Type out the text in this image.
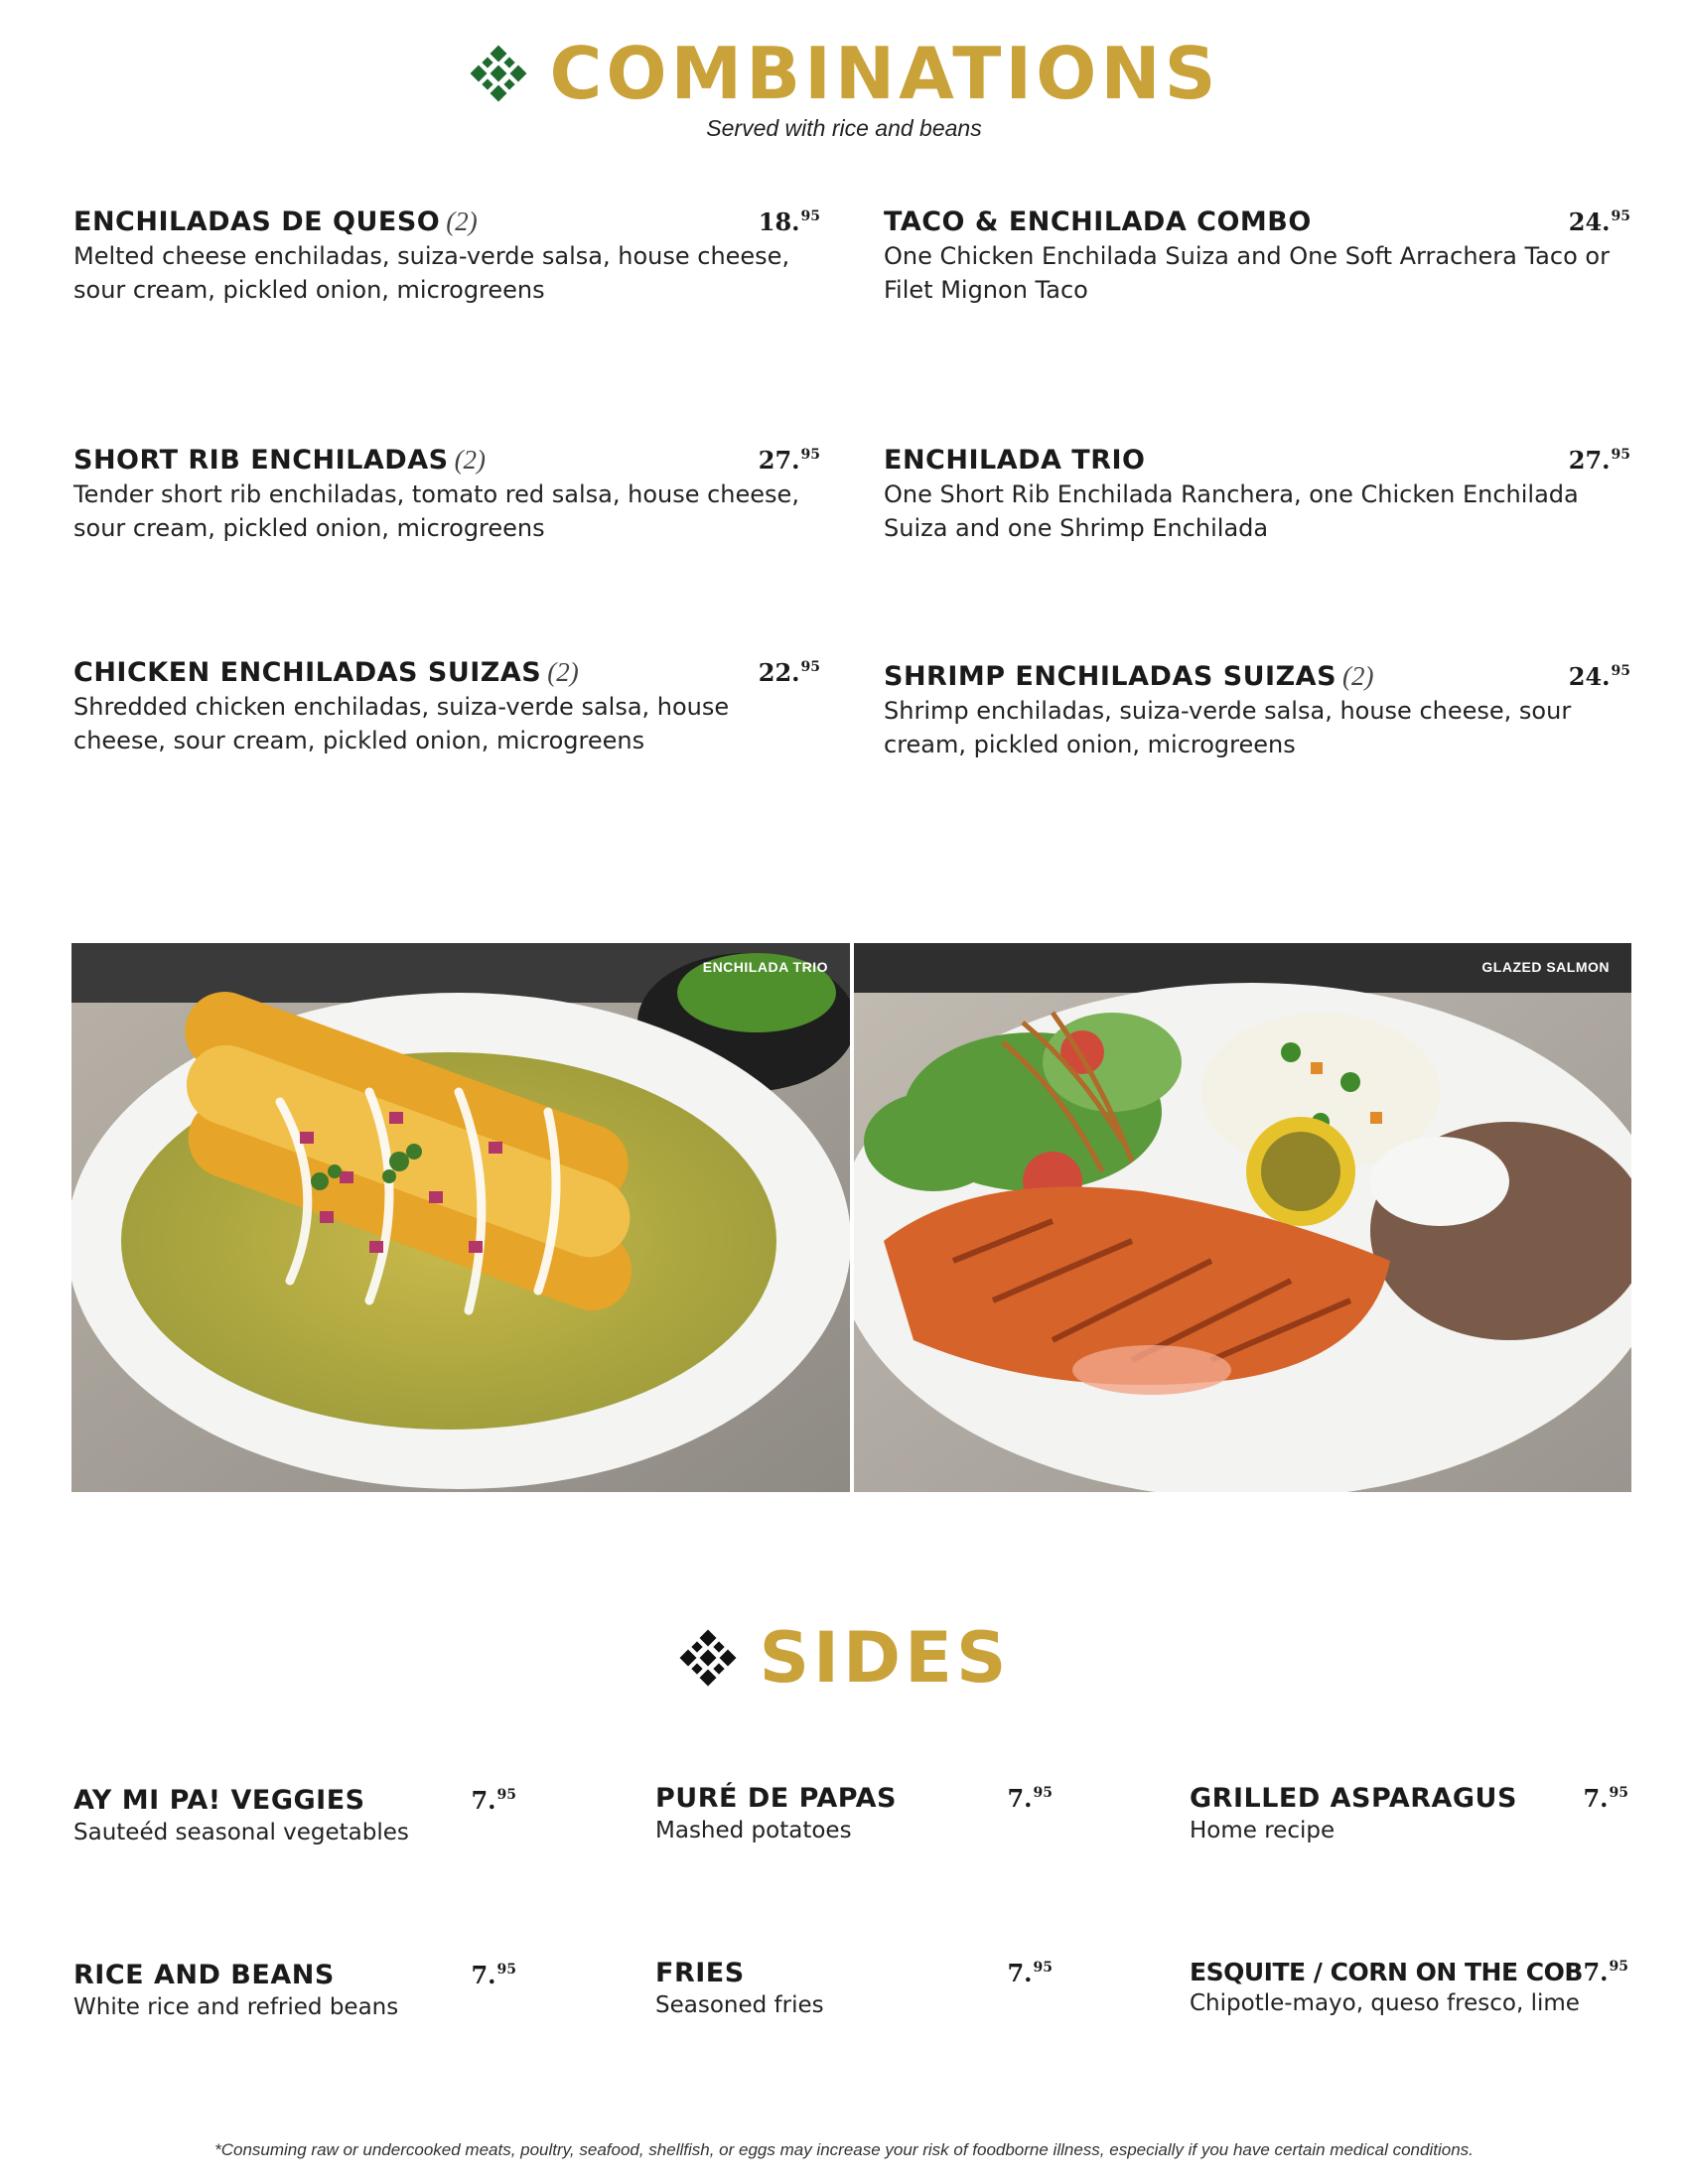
COMBINATIONS
Served with rice and beans
ENCHILADAS DE QUESO (2)	18.95
Melted cheese enchiladas, suiza-verde salsa, house cheese, sour cream, pickled onion, microgreens
TACO & ENCHILADA COMBO	24.95
One Chicken Enchilada Suiza and One Soft Arrachera Taco or Filet Mignon Taco
SHORT RIB ENCHILADAS (2)	27.95
Tender short rib enchiladas, tomato red salsa, house cheese, sour cream, pickled onion, microgreens
ENCHILADA TRIO	27.95
One Short Rib Enchilada Ranchera, one Chicken Enchilada Suiza and one Shrimp Enchilada
CHICKEN ENCHILADAS SUIZAS (2)	22.95
Shredded chicken enchiladas, suiza-verde salsa, house cheese, sour cream, pickled onion, microgreens
SHRIMP ENCHILADAS SUIZAS (2)	24.95
Shrimp enchiladas, suiza-verde salsa, house cheese, sour cream, pickled onion, microgreens
ENCHILADA TRIO	GLAZED SALMON
SIDES
AY MI PA! VEGGIES	7.95
Sauteéd seasonal vegetables
PURÉ DE PAPAS	7.95
Mashed potatoes
GRILLED ASPARAGUS	7.95
Home recipe
RICE AND BEANS	7.95
White rice and refried beans
FRIES	7.95
Seasoned fries
ESQUITE / CORN ON THE COB 7.95
Chipotle-mayo, queso fresco, lime
*Consuming raw or undercooked meats, poultry, seafood, shellfish, or eggs may increase your risk of foodborne illness, especially if you have certain medical conditions.
